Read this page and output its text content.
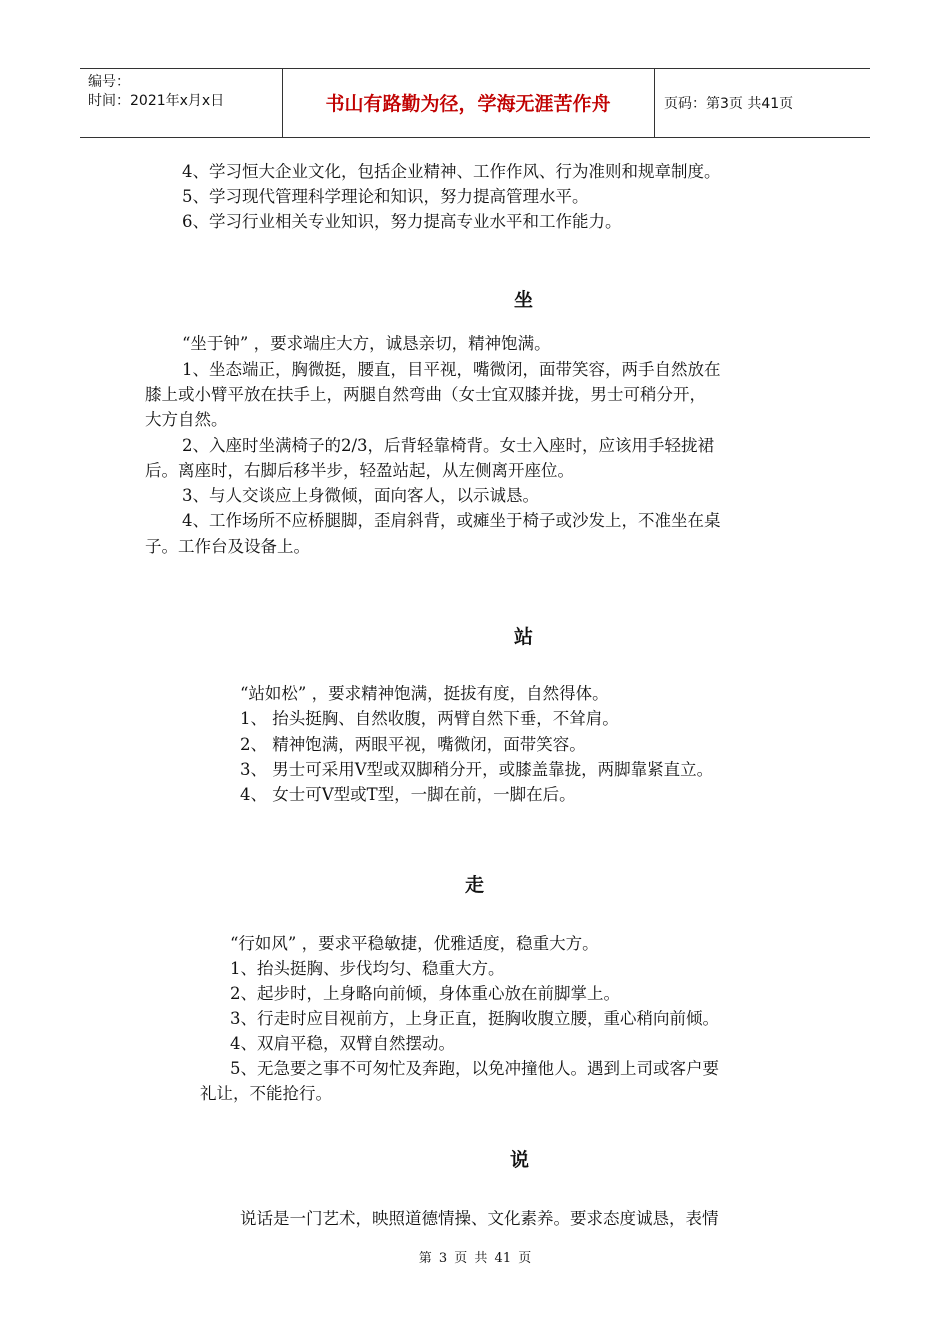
编号：
时间：2021年x月x日	书山有路勤为径，学海无涯苦作舟	页码：第3页 共41页
4、学习恒大企业文化，包括企业精神、工作作风、行为准则和规章制度。
5、学习现代管理科学理论和知识，努力提高管理水平。
6、学习行业相关专业知识，努力提高专业水平和工作能力。
坐
“坐于钟” ，要求端庄大方，诚恳亲切，精神饱满。
1、坐态端正，胸微挺，腰直，目平视，嘴微闭，面带笑容，两手自然放在
膝上或小臂平放在扶手上，两腿自然弯曲（女士宜双膝并拢，男士可稍分开，
大方自然。
2、入座时坐满椅子的2/3，后背轻靠椅背。女士入座时，应该用手轻拢裙
后。离座时，右脚后移半步，轻盈站起，从左侧离开座位。
3、与人交谈应上身微倾，面向客人，以示诚恳。
4、工作场所不应桥腿脚，歪肩斜背，或瘫坐于椅子或沙发上，不准坐在桌
子。工作台及设备上。
站
“站如松” ，要求精神饱满，挺拔有度，自然得体。
1、 抬头挺胸、自然收腹，两臂自然下垂，不耸肩。
2、 精神饱满，两眼平视，嘴微闭，面带笑容。
3、 男士可采用V型或双脚稍分开，或膝盖靠拢，两脚靠紧直立。
4、 女士可V型或T型，一脚在前，一脚在后。
走
“行如风” ，要求平稳敏捷，优雅适度，稳重大方。
1、抬头挺胸、步伐均匀、稳重大方。
2、起步时，上身略向前倾，身体重心放在前脚掌上。
3、行走时应目视前方，上身正直，挺胸收腹立腰，重心稍向前倾。
4、双肩平稳，双臂自然摆动。
5、无急要之事不可匆忙及奔跑，以免冲撞他人。遇到上司或客户要
礼让，不能抢行。
说
说话是一门艺术，映照道德情操、文化素养。要求态度诚恳，表情
第 3 页 共 41 页
